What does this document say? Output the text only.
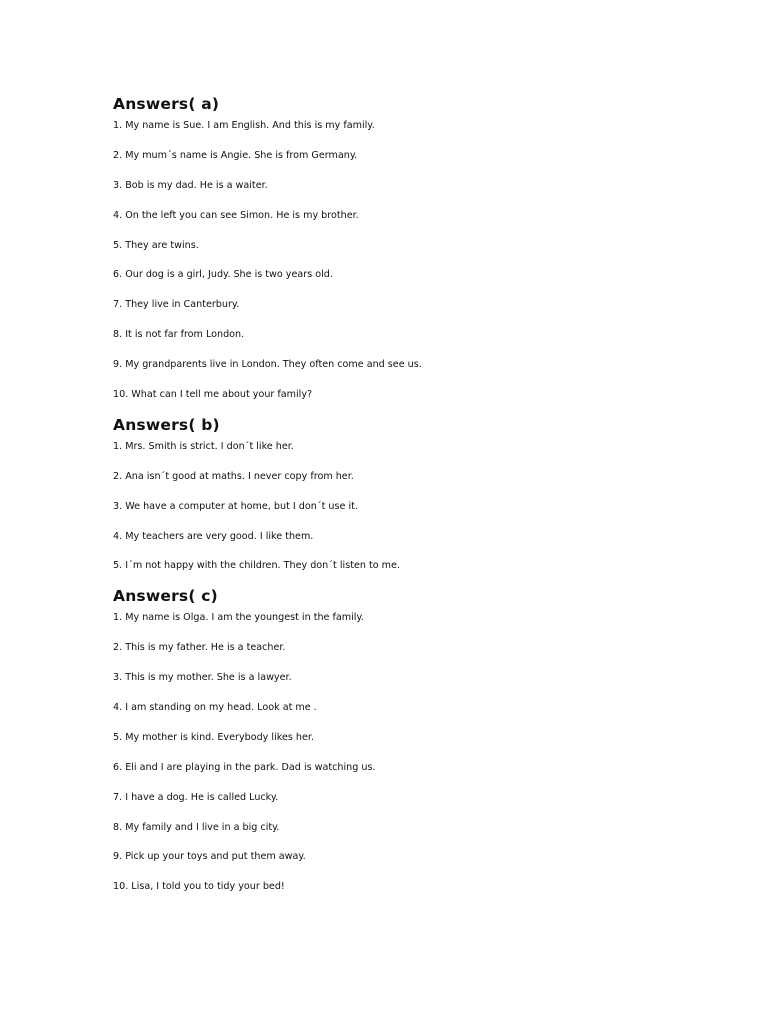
Answers( a)
1. My name is Sue. I am English. And this is my family.
2. My mum´s name is Angie. She is from Germany.
3. Bob is my dad. He is a waiter.
4. On the left you can see Simon. He is my brother.
5. They are twins.
6. Our dog is a girl, Judy. She is two years old.
7. They live in Canterbury.
8. It is not far from London.
9. My grandparents live in London. They often come and see us.
10. What can I tell me about your family?
Answers( b)
1. Mrs. Smith is strict. I don´t like her.
2. Ana isn´t good at maths. I never copy from her.
3. We have a computer at home, but I don´t use it.
4. My teachers are very good. I like them.
5. I´m not happy with the children. They don´t listen to me.
Answers( c)
1. My name is Olga. I am the youngest in the family.
2. This is my father. He is a teacher.
3. This is my mother. She is a lawyer.
4. I am standing on my head. Look at me .
5. My mother is kind. Everybody likes her.
6. Eli and I are playing in the park. Dad is watching us.
7. I have a dog. He is called Lucky.
8. My family and I live in a big city.
9. Pick up your toys and put them away.
10. Lisa, I told you to tidy your bed!
